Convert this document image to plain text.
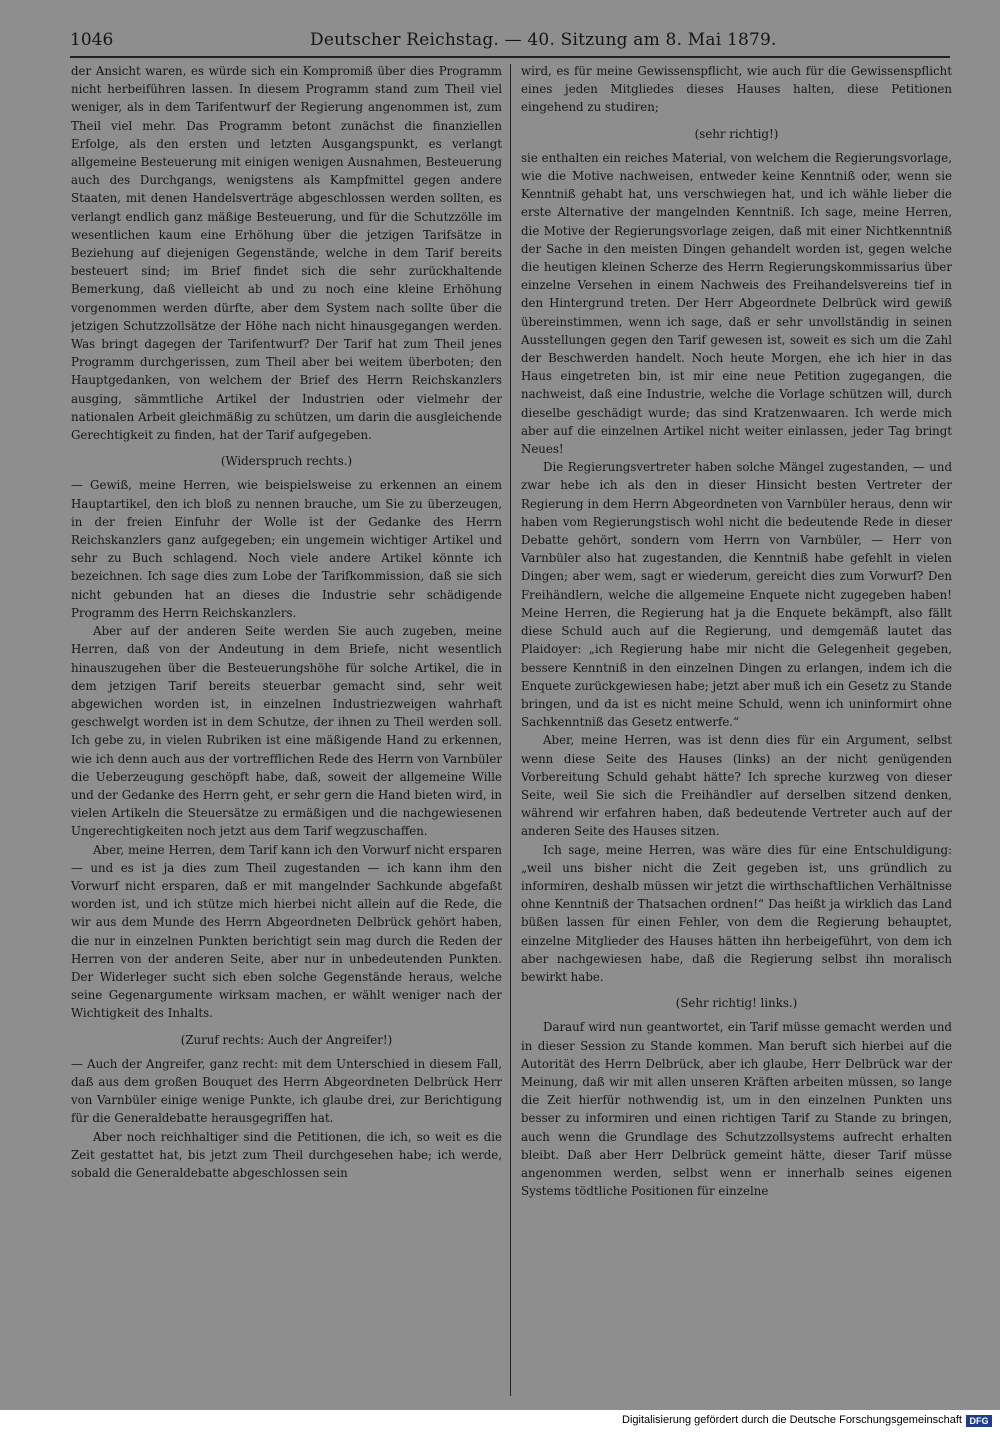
1046	Deutscher Reichstag. — 40. Sitzung am 8. Mai 1879.

der Ansicht waren, es würde sich ein Kompromiß über dies Programm nicht herbeiführen lassen. In diesem Programm stand zum Theil viel weniger, als in dem Tarifentwurf der Regierung angenommen ist, zum Theil viel mehr. Das Programm betont zunächst die finanziellen Erfolge, als den ersten und letzten Ausgangspunkt, es verlangt allgemeine Besteuerung mit einigen wenigen Ausnahmen, Besteuerung auch des Durchgangs, wenigstens als Kampfmittel gegen andere Staaten, mit denen Handelsverträge abgeschlossen werden sollten, es verlangt endlich ganz mäßige Besteuerung, und für die Schutzzölle im wesentlichen kaum eine Erhöhung über die jetzigen Tarifsätze in Beziehung auf diejenigen Gegenstände, welche in dem Tarif bereits besteuert sind; im Brief findet sich die sehr zurückhaltende Bemerkung, daß vielleicht ab und zu noch eine kleine Erhöhung vorgenommen werden dürfte, aber dem System nach sollte über die jetzigen Schutzzollsätze der Höhe nach nicht hinausgegangen werden. Was bringt dagegen der Tarifentwurf? Der Tarif hat zum Theil jenes Programm durchgerissen, zum Theil aber bei weitem überboten; den Hauptgedanken, von welchem der Brief des Herrn Reichskanzlers ausging, sämmtliche Artikel der Industrien oder vielmehr der nationalen Arbeit gleichmäßig zu schützen, um darin die ausgleichende Gerechtigkeit zu finden, hat der Tarif aufgegeben.

(Widerspruch rechts.)

— Gewiß, meine Herren, wie beispielsweise zu erkennen an einem Hauptartikel, den ich bloß zu nennen brauche, um Sie zu überzeugen, in der freien Einfuhr der Wolle ist der Gedanke des Herrn Reichskanzlers ganz aufgegeben; ein ungemein wichtiger Artikel und sehr zu Buch schlagend. Noch viele andere Artikel könnte ich bezeichnen. Ich sage dies zum Lobe der Tarifkommission, daß sie sich nicht gebunden hat an dieses die Industrie sehr schädigende Programm des Herrn Reichskanzlers.

Aber auf der anderen Seite werden Sie auch zugeben, meine Herren, daß von der Andeutung in dem Briefe, nicht wesentlich hinauszugehen über die Besteuerungshöhe für solche Artikel, die in dem jetzigen Tarif bereits steuerbar gemacht sind, sehr weit abgewichen worden ist, in einzelnen Industriezweigen wahrhaft geschwelgt worden ist in dem Schutze, der ihnen zu Theil werden soll. Ich gebe zu, in vielen Rubriken ist eine mäßigende Hand zu erkennen, wie ich denn auch aus der vortrefflichen Rede des Herrn von Varnbüler die Ueberzeugung geschöpft habe, daß, soweit der allgemeine Wille und der Gedanke des Herrn geht, er sehr gern die Hand bieten wird, in vielen Artikeln die Steuersätze zu ermäßigen und die nachgewiesenen Ungerechtigkeiten noch jetzt aus dem Tarif wegzuschaffen.

Aber, meine Herren, dem Tarif kann ich den Vorwurf nicht ersparen — und es ist ja dies zum Theil zugestanden — ich kann ihm den Vorwurf nicht ersparen, daß er mit mangelnder Sachkunde abgefaßt worden ist, und ich stütze mich hierbei nicht allein auf die Rede, die wir aus dem Munde des Herrn Abgeordneten Delbrück gehört haben, die nur in einzelnen Punkten berichtigt sein mag durch die Reden der Herren von der anderen Seite, aber nur in unbedeutenden Punkten. Der Widerleger sucht sich eben solche Gegenstände heraus, welche seine Gegenargumente wirksam machen, er wählt weniger nach der Wichtigkeit des Inhalts.

(Zuruf rechts: Auch der Angreifer!)

— Auch der Angreifer, ganz recht: mit dem Unterschied in diesem Fall, daß aus dem großen Bouquet des Herrn Abgeordneten Delbrück Herr von Varnbüler einige wenige Punkte, ich glaube drei, zur Berichtigung für die Generaldebatte herausgegriffen hat.

Aber noch reichhaltiger sind die Petitionen, die ich, so weit es die Zeit gestattet hat, bis jetzt zum Theil durchgesehen habe; ich werde, sobald die Generaldebatte abgeschlossen sein

wird, es für meine Gewissenspflicht, wie auch für die Gewissenspflicht eines jeden Mitgliedes dieses Hauses halten, diese Petitionen eingehend zu studiren;

(sehr richtig!)

sie enthalten ein reiches Material, von welchem die Regierungsvorlage, wie die Motive nachweisen, entweder keine Kenntniß oder, wenn sie Kenntniß gehabt hat, uns verschwiegen hat, und ich wähle lieber die erste Alternative der mangelnden Kenntniß. Ich sage, meine Herren, die Motive der Regierungsvorlage zeigen, daß mit einer Nichtkenntniß der Sache in den meisten Dingen gehandelt worden ist, gegen welche die heutigen kleinen Scherze des Herrn Regierungskommissarius über einzelne Versehen in einem Nachweis des Freihandelsvereins tief in den Hintergrund treten. Der Herr Abgeordnete Delbrück wird gewiß übereinstimmen, wenn ich sage, daß er sehr unvollständig in seinen Ausstellungen gegen den Tarif gewesen ist, soweit es sich um die Zahl der Beschwerden handelt. Noch heute Morgen, ehe ich hier in das Haus eingetreten bin, ist mir eine neue Petition zugegangen, die nachweist, daß eine Industrie, welche die Vorlage schützen will, durch dieselbe geschädigt wurde; das sind Kratzenwaaren. Ich werde mich aber auf die einzelnen Artikel nicht weiter einlassen, jeder Tag bringt Neues!

Die Regierungsvertreter haben solche Mängel zugestanden, — und zwar hebe ich als den in dieser Hinsicht besten Vertreter der Regierung in dem Herrn Abgeordneten von Varnbüler heraus, denn wir haben vom Regierungstisch wohl nicht die bedeutende Rede in dieser Debatte gehört, sondern vom Herrn von Varnbüler, — Herr von Varnbüler also hat zugestanden, die Kenntniß habe gefehlt in vielen Dingen; aber wem, sagt er wiederum, gereicht dies zum Vorwurf? Den Freihändlern, welche die allgemeine Enquete nicht zugegeben haben! Meine Herren, die Regierung hat ja die Enquete bekämpft, also fällt diese Schuld auch auf die Regierung, und demgemäß lautet das Plaidoyer: „ich Regierung habe mir nicht die Gelegenheit gegeben, bessere Kenntniß in den einzelnen Dingen zu erlangen, indem ich die Enquete zurückgewiesen habe; jetzt aber muß ich ein Gesetz zu Stande bringen, und da ist es nicht meine Schuld, wenn ich uninformirt ohne Sachkenntniß das Gesetz entwerfe.“

Aber, meine Herren, was ist denn dies für ein Argument, selbst wenn diese Seite des Hauses (links) an der nicht genügenden Vorbereitung Schuld gehabt hätte? Ich spreche kurzweg von dieser Seite, weil Sie sich die Freihändler auf derselben sitzend denken, während wir erfahren haben, daß bedeutende Vertreter auch auf der anderen Seite des Hauses sitzen.

Ich sage, meine Herren, was wäre dies für eine Entschuldigung: „weil uns bisher nicht die Zeit gegeben ist, uns gründlich zu informiren, deshalb müssen wir jetzt die wirthschaftlichen Verhältnisse ohne Kenntniß der Thatsachen ordnen!“ Das heißt ja wirklich das Land büßen lassen für einen Fehler, von dem die Regierung behauptet, einzelne Mitglieder des Hauses hätten ihn herbeigeführt, von dem ich aber nachgewiesen habe, daß die Regierung selbst ihn moralisch bewirkt habe.

(Sehr richtig! links.)

Darauf wird nun geantwortet, ein Tarif müsse gemacht werden und in dieser Session zu Stande kommen. Man beruft sich hierbei auf die Autorität des Herrn Delbrück, aber ich glaube, Herr Delbrück war der Meinung, daß wir mit allen unseren Kräften arbeiten müssen, so lange die Zeit hierfür nothwendig ist, um in den einzelnen Punkten uns besser zu informiren und einen richtigen Tarif zu Stande zu bringen, auch wenn die Grundlage des Schutzzollsystems aufrecht erhalten bleibt. Daß aber Herr Delbrück gemeint hätte, dieser Tarif müsse angenommen werden, selbst wenn er innerhalb seines eigenen Systems tödtliche Positionen für einzelne

Digitalisierung gefördert durch die Deutsche Forschungsgemeinschaft DFG
